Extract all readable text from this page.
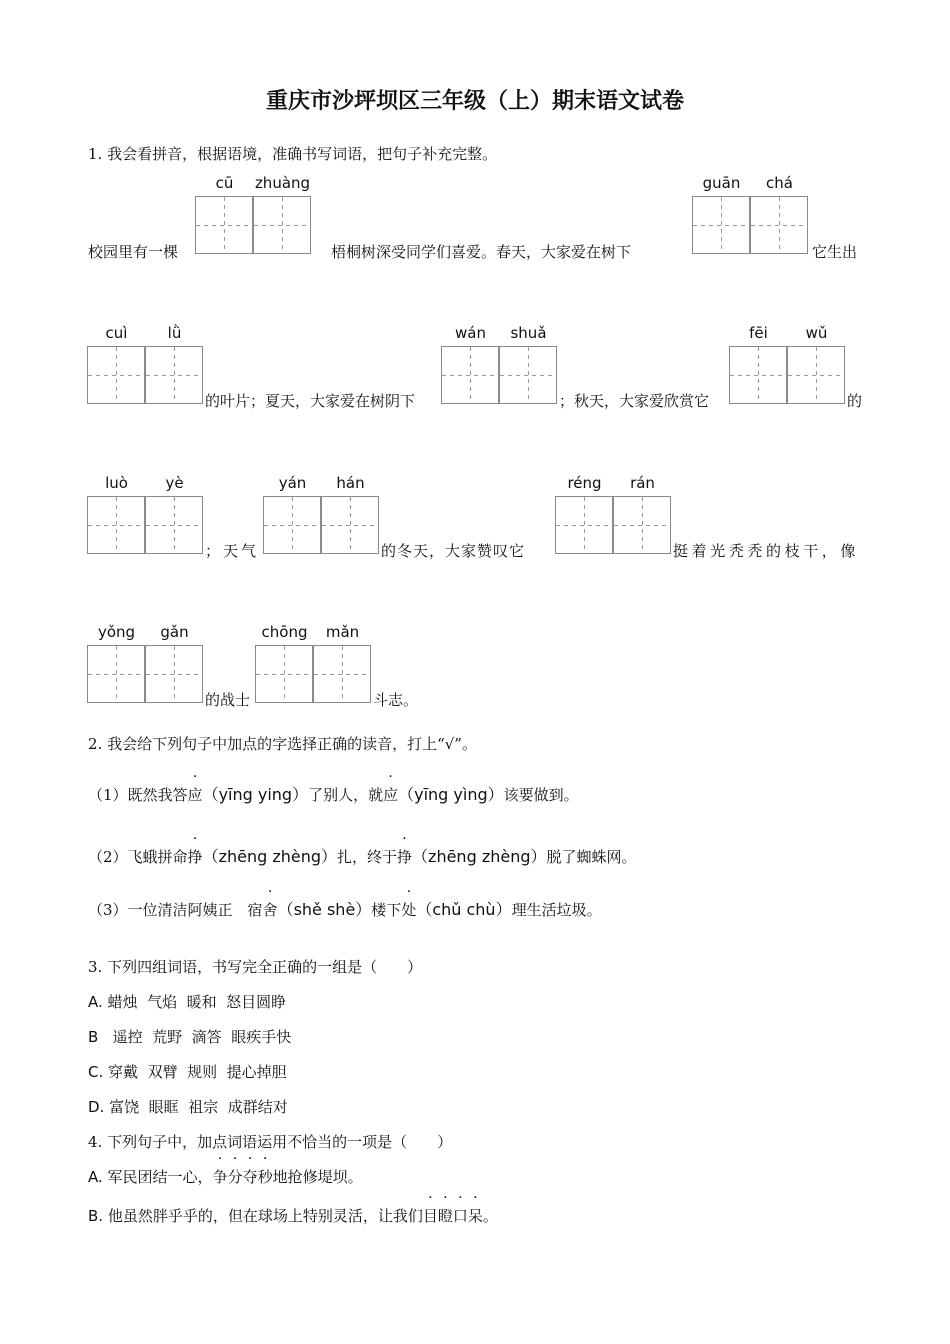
重庆市沙坪坝区三年级（上）期末语文试卷
1. 我会看拼音，根据语境，准确书写词语，把句子补充完整。
cū	zhuàng	guān	chá
校园里有一棵	梧桐树深受同学们喜爱。春天，大家爱在树下	它生出
cuì	lǜ	wán	shuǎ	fēi	wǔ
的叶片；夏天，大家爱在树阴下	；秋天，大家爱欣赏它	的
luò	yè	yán	hán	réng	rán
；天气	的冬天，大家赞叹它	挺着光秃秃的枝干，像
yǒng	gǎn	chōng	mǎn
的战士	斗志。
2. 我会给下列句子中加点的字选择正确的读音，打上“√”。
（1）既然我答应（yīng ying）了别人，就应（yīng yìng）该要做到。
（2）飞蛾拼命挣（zhēng zhèng）扎，终于挣（zhēng zhèng）脱了蜘蛛网。
（3）一位清洁阿姨正　宿舍（shě shè）楼下处（chǔ chù）理生活垃圾。
3. 下列四组词语，书写完全正确的一组是（　　）
A. 蜡烛  气焰  暖和  怒目圆睁
B 遥控  荒野  滴答  眼疾手快
C. 穿戴  双臂  规则  提心掉胆
D. 富饶  眼眶  祖宗  成群结对
4. 下列句子中，加点词语运用不恰当的一项是（　　）
A. 军民团结一心，争分夺秒地抢修堤坝。
B. 他虽然胖乎乎的，但在球场上特别灵活，让我们目瞪口呆。
